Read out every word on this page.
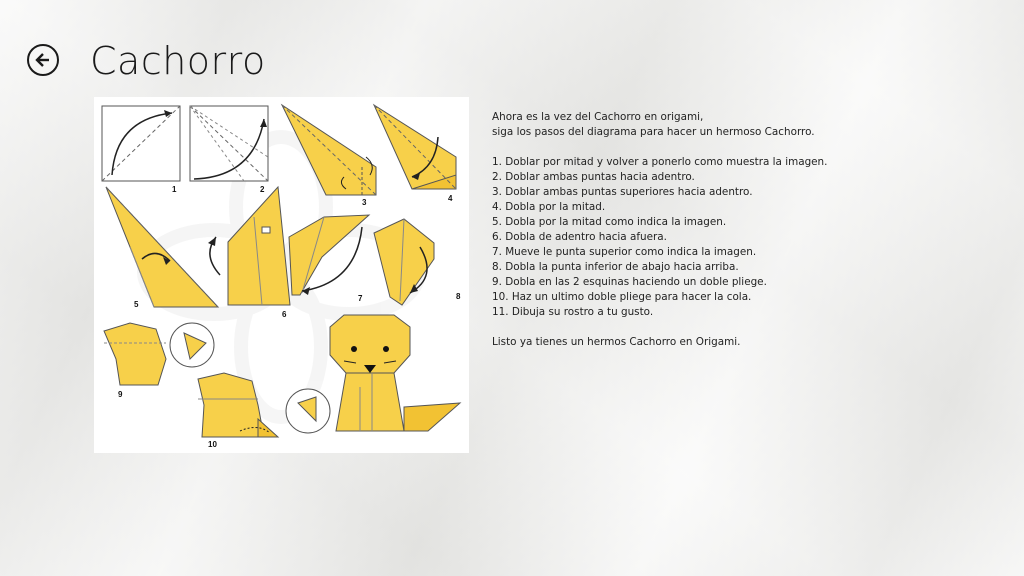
Cachorro
1	2
3	4
5
6
7	8
9
10

Ahora es la vez del Cachorro en origami,
siga los pasos del diagrama para hacer un hermoso Cachorro.

1. Doblar por mitad y volver a ponerlo como muestra la imagen.
2. Doblar ambas puntas hacia adentro.
3. Doblar ambas puntas superiores hacia adentro.
4. Dobla por la mitad.
5. Dobla por la mitad como indica la imagen.
6. Dobla de adentro hacia afuera.
7. Mueve le punta superior como indica la imagen.
8. Dobla la punta inferior de abajo hacia arriba.
9. Dobla en las 2 esquinas haciendo un doble pliege.
10. Haz un ultimo doble pliege para hacer la cola.
11. Dibuja su rostro a tu gusto.

Listo ya tienes un hermos Cachorro en Origami.
